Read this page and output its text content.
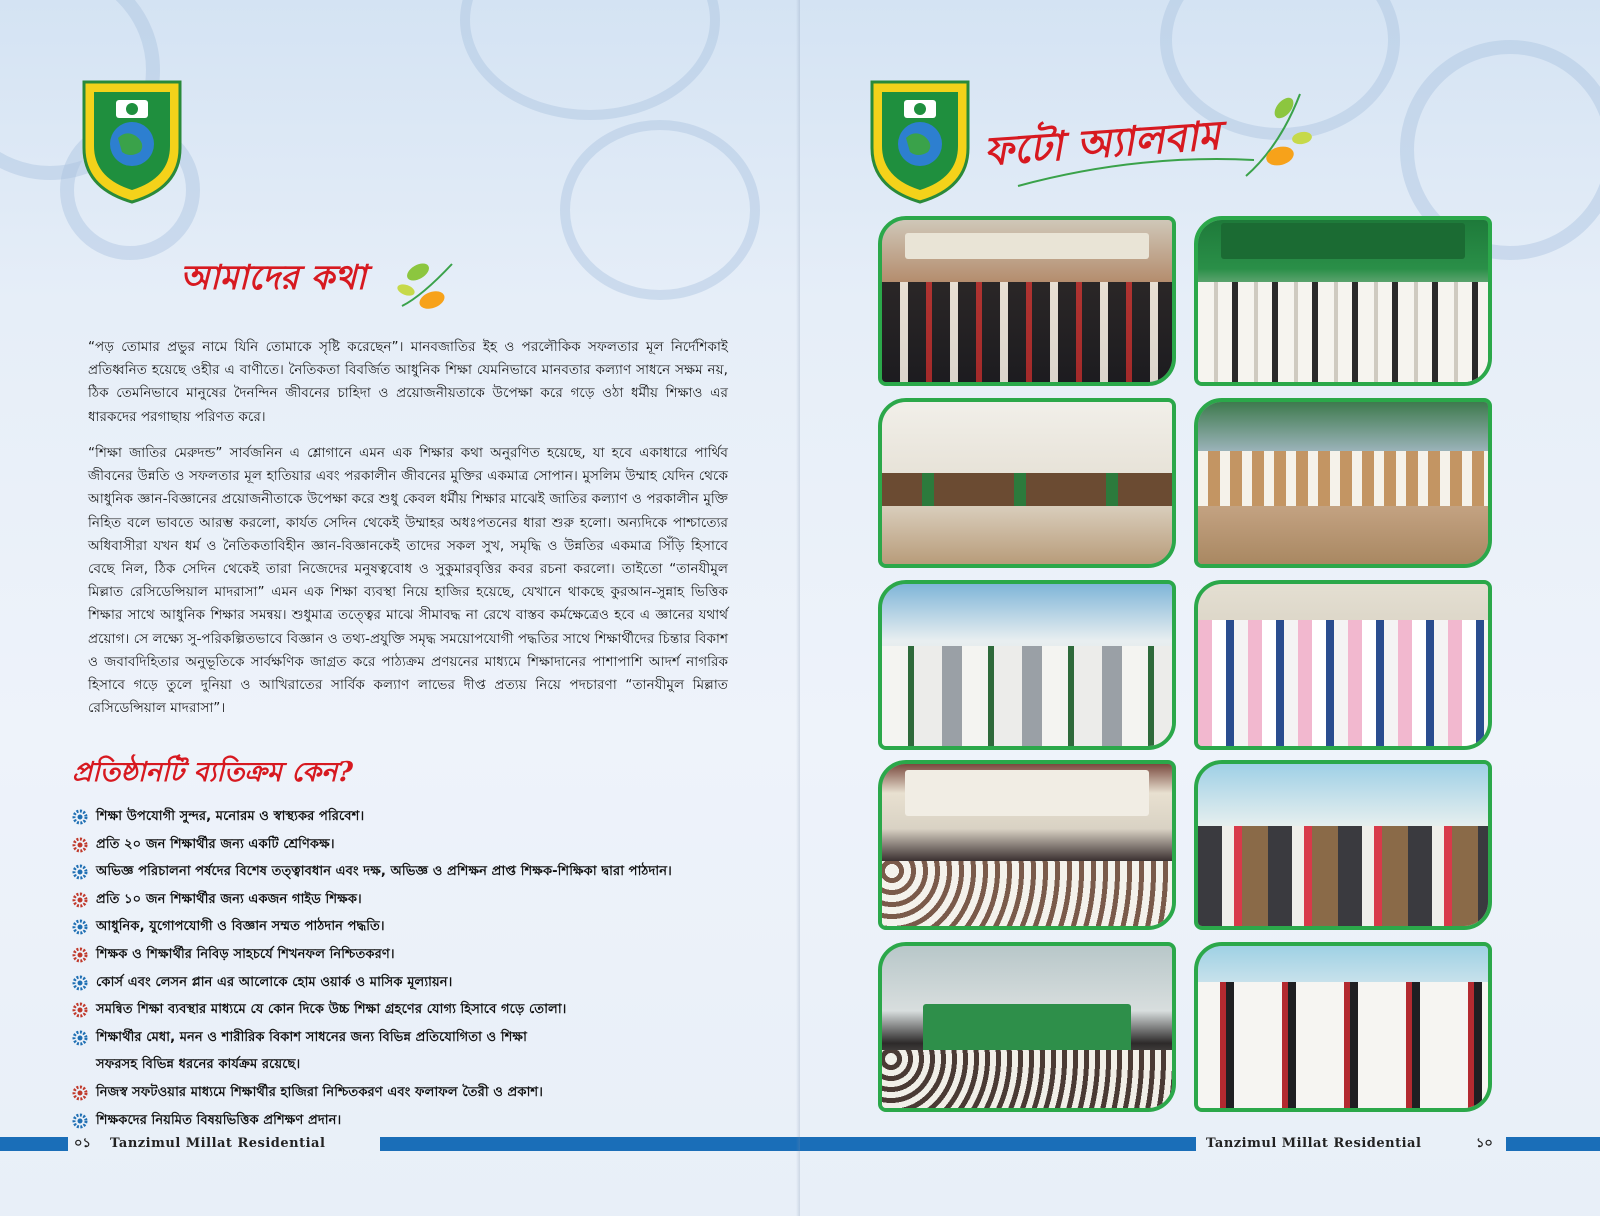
আমাদের কথা

“পড় তোমার প্রভুর নামে যিনি তোমাকে সৃষ্টি করেছেন”। মানবজাতির ইহ ও পরলৌকিক সফলতার মূল নির্দেশিকাই প্রতিধ্বনিত হয়েছে ওহীর এ বাণীতে। নৈতিকতা বিবর্জিত আধুনিক শিক্ষা যেমনিভাবে মানবতার কল্যাণ সাধনে সক্ষম নয়, ঠিক তেমনিভাবে মানুষের দৈনন্দিন জীবনের চাহিদা ও প্রয়োজনীয়তাকে উপেক্ষা করে গড়ে ওঠা ধর্মীয় শিক্ষাও এর ধারকদের পরগাছায় পরিণত করে।

“শিক্ষা জাতির মেরুদন্ড” সার্বজনিন এ শ্লোগানে এমন এক শিক্ষার কথা অনুরণিত হয়েছে, যা হবে একাধারে পার্থিব জীবনের উন্নতি ও সফলতার মূল হাতিয়ার এবং পরকালীন জীবনের মুক্তির একমাত্র সোপান। মুসলিম উম্মাহ যেদিন থেকে আধুনিক জ্ঞান-বিজ্ঞানের প্রয়োজনীতাকে উপেক্ষা করে শুধু কেবল ধর্মীয় শিক্ষার মাঝেই জাতির কল্যাণ ও পরকালীন মুক্তি নিহিত বলে ভাবতে আরম্ভ করলো, কার্যত সেদিন থেকেই উম্মাহর অধঃপতনের ধারা শুরু হলো। অন্যদিকে পাশ্চাত্যের অধিবাসীরা যখন ধর্ম ও নৈতিকতাবিহীন জ্ঞান-বিজ্ঞানকেই তাদের সকল সুখ, সমৃদ্ধি ও উন্নতির একমাত্র সিঁড়ি হিসাবে বেছে নিল, ঠিক সেদিন থেকেই তারা নিজেদের মনুষত্ববোধ ও সুকুমারবৃত্তির কবর রচনা করলো। তাইতো “তানযীমুল মিল্লাত রেসিডেন্সিয়াল মাদরাসা” এমন এক শিক্ষা ব্যবস্থা নিয়ে হাজির হয়েছে, যেখানে থাকছে কুরআন-সুন্নাহ ভিত্তিক শিক্ষার সাথে আধুনিক শিক্ষার সমন্বয়। শুধুমাত্র তত্ত্বের মাঝে সীমাবদ্ধ না রেখে বাস্তব কর্মক্ষেত্রেও হবে এ জ্ঞানের যথার্থ প্রয়োগ। সে লক্ষ্যে সু-পরিকল্পিতভাবে বিজ্ঞান ও তথ্য-প্রযুক্তি সমৃদ্ধ সময়োপযোগী পদ্ধতির সাথে শিক্ষার্থীদের চিন্তার বিকাশ ও জবাবদিহিতার অনুভূতিকে সার্বক্ষণিক জাগ্রত করে পাঠ্যক্রম প্রণয়নের মাধ্যমে শিক্ষাদানের পাশাপাশি আদর্শ নাগরিক হিসাবে গড়ে তুলে দুনিয়া ও আখিরাতের সার্বিক কল্যাণ লাভের দীপ্ত প্রত্যয় নিয়ে পদচারণা “তানযীমুল মিল্লাত রেসিডেন্সিয়াল মাদরাসা”।

প্রতিষ্ঠানটি ব্যতিক্রম কেন?
শিক্ষা উপযোগী সুন্দর, মনোরম ও স্বাস্থ্যকর পরিবেশ।
প্রতি ২০ জন শিক্ষার্থীর জন্য একটি শ্রেণিকক্ষ।
অভিজ্ঞ পরিচালনা পর্ষদের বিশেষ তত্ত্বাবধান এবং দক্ষ, অভিজ্ঞ ও প্রশিক্ষন প্রাপ্ত শিক্ষক-শিক্ষিকা দ্বারা পাঠদান।
প্রতি ১০ জন শিক্ষার্থীর জন্য একজন গাইড শিক্ষক।
আধুনিক, যুগোপযোগী ও বিজ্ঞান সম্মত পাঠদান পদ্ধতি।
শিক্ষক ও শিক্ষার্থীর নিবিড় সাহচর্যে শিখনফল নিশ্চিতকরণ।
কোর্স এবং লেসন প্লান এর আলোকে হোম ওয়ার্ক ও মাসিক মূল্যায়ন।
সমন্বিত শিক্ষা ব্যবস্থার মাধ্যমে যে কোন দিকে উচ্চ শিক্ষা গ্রহণের যোগ্য হিসাবে গড়ে তোলা।
শিক্ষার্থীর মেধা, মনন ও শারীরিক বিকাশ সাধনের জন্য বিভিন্ন প্রতিযোগিতা ও শিক্ষা সফরসহ বিভিন্ন ধরনের কার্যক্রম রয়েছে।
নিজস্ব সফটওয়ার মাধ্যমে শিক্ষার্থীর হাজিরা নিশ্চিতকরণ এবং ফলাফল তৈরী ও প্রকাশ।
শিক্ষকদের নিয়মিত বিষয়ভিত্তিক প্রশিক্ষণ প্রদান।
০১ Tanzimul Millat Residential
ফটো অ্যালবাম
Tanzimul Millat Residential	১০
